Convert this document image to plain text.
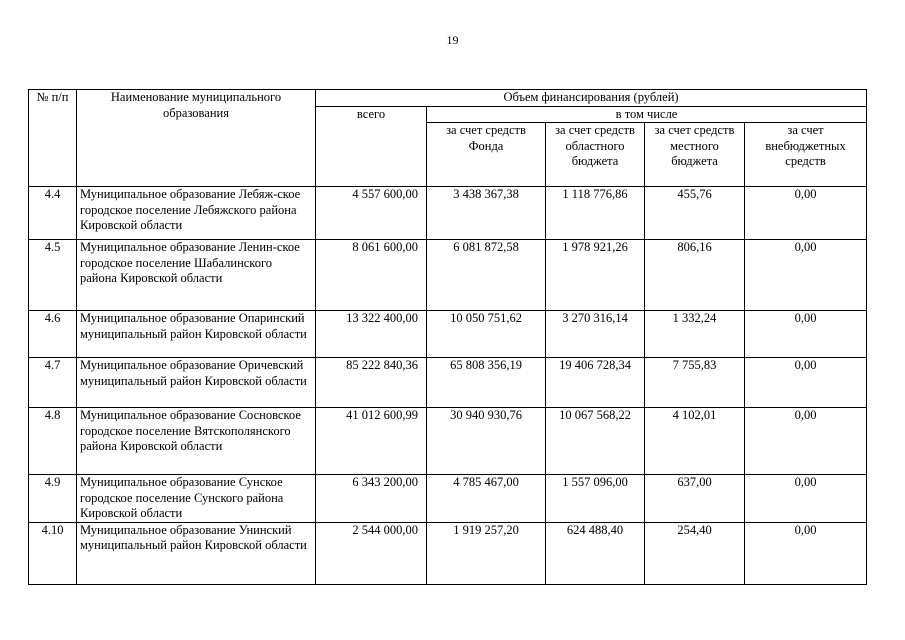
19
№ п/п	Наименование муниципального образования	Объем финансирования (рублей)				
		всего	в том числе			
			за счет средств Фонда	за счет средств областного бюджета	за счет средств местного бюджета	за счет внебюджетных средств
4.4	Муниципальное образование Лебяж-ское городское поселение Лебяжского района Кировской области	4 557 600,00	3 438 367,38	1 118 776,86	455,76	0,00
4.5	Муниципальное образование Ленин-ское городское поселение Шабалинского района Кировской области	8 061 600,00	6 081 872,58	1 978 921,26	806,16	0,00
4.6	Муниципальное образование Опаринский муниципальный район Кировской области	13 322 400,00	10 050 751,62	3 270 316,14	1 332,24	0,00
4.7	Муниципальное образование Оричевский муниципальный район Кировской области	85 222 840,36	65 808 356,19	19 406 728,34	7 755,83	0,00
4.8	Муниципальное образование Сосновское городское поселение Вятскополянского района Кировской области	41 012 600,99	30 940 930,76	10 067 568,22	4 102,01	0,00
4.9	Муниципальное образование Сунское городское поселение Сунского района Кировской области	6 343 200,00	4 785 467,00	1 557 096,00	637,00	0,00
4.10	Муниципальное образование Унинский муниципальный район Кировской области	2 544 000,00	1 919 257,20	624 488,40	254,40	0,00
